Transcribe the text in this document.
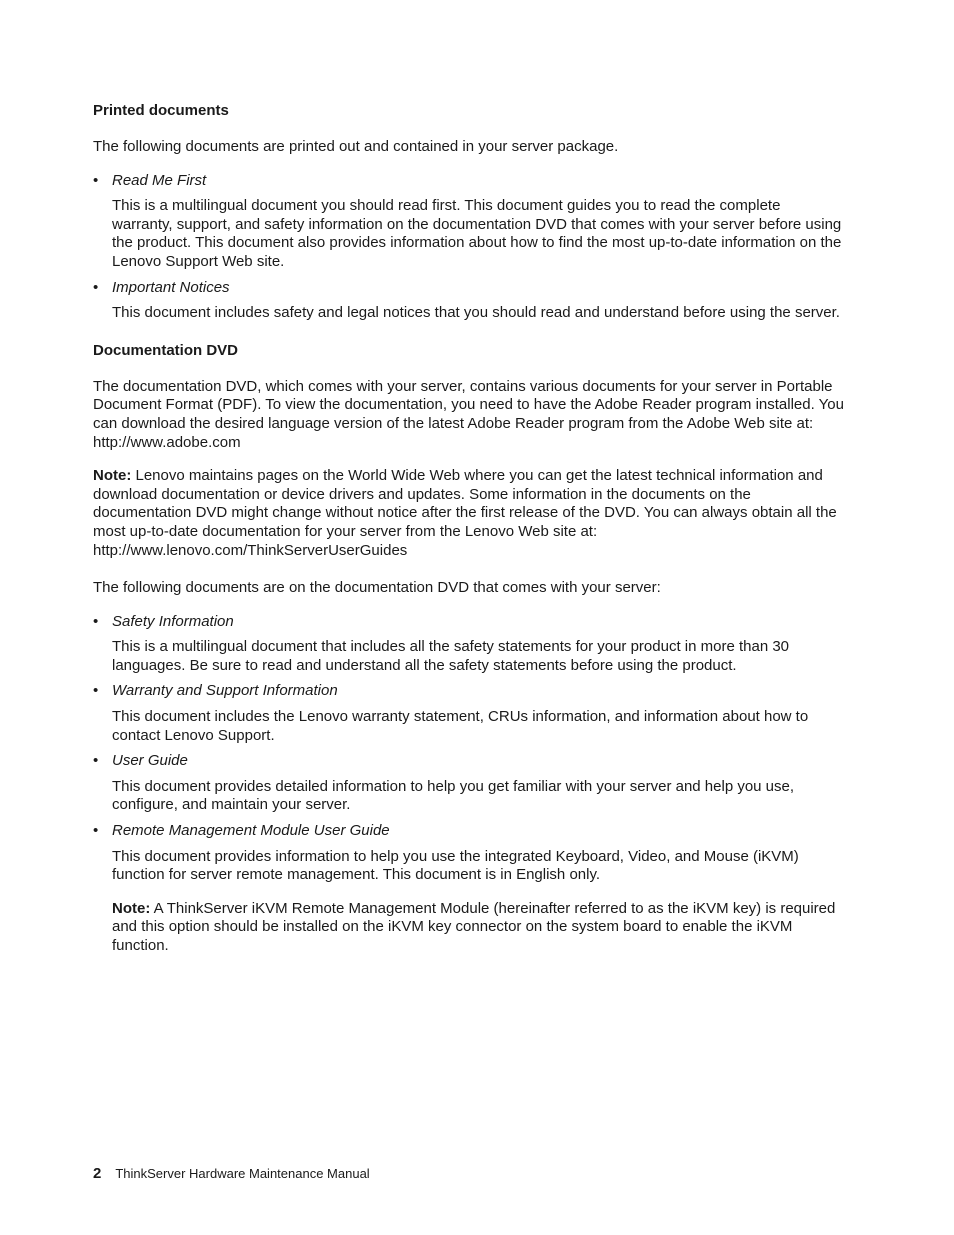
Printed documents

The following documents are printed out and contained in your server package.

• Read Me First

This is a multilingual document you should read first. This document guides you to read the complete warranty, support, and safety information on the documentation DVD that comes with your server before using the product. This document also provides information about how to find the most up-to-date information on the Lenovo Support Web site.

• Important Notices

This document includes safety and legal notices that you should read and understand before using the server.

Documentation DVD

The documentation DVD, which comes with your server, contains various documents for your server in Portable Document Format (PDF). To view the documentation, you need to have the Adobe Reader program installed. You can download the desired language version of the latest Adobe Reader program from the Adobe Web site at:
http://www.adobe.com

Note: Lenovo maintains pages on the World Wide Web where you can get the latest technical information and download documentation or device drivers and updates. Some information in the documents on the documentation DVD might change without notice after the first release of the DVD. You can always obtain all the most up-to-date documentation for your server from the Lenovo Web site at:
http://www.lenovo.com/ThinkServerUserGuides

The following documents are on the documentation DVD that comes with your server:

• Safety Information

This is a multilingual document that includes all the safety statements for your product in more than 30 languages. Be sure to read and understand all the safety statements before using the product.

• Warranty and Support Information

This document includes the Lenovo warranty statement, CRUs information, and information about how to contact Lenovo Support.

• User Guide

This document provides detailed information to help you get familiar with your server and help you use, configure, and maintain your server.

• Remote Management Module User Guide

This document provides information to help you use the integrated Keyboard, Video, and Mouse (iKVM) function for server remote management. This document is in English only.

Note: A ThinkServer iKVM Remote Management Module (hereinafter referred to as the iKVM key) is required and this option should be installed on the iKVM key connector on the system board to enable the iKVM function.

2 ThinkServer Hardware Maintenance Manual
